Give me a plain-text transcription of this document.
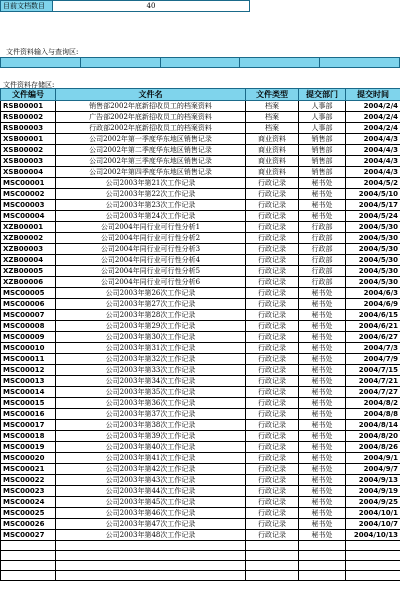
目前文档数目	40
文件资料输入与查询区:

文件资料存储区:
文件编号	文件名	文件类型	提交部门	提交时间
RSB00001	销售部2002年底新招收员工的档案资料	档案	人事部	2004/2/4
RSB00002	广告部2002年底新招收员工的档案资料	档案	人事部	2004/2/4
RSB00003	行政部2002年底新招收员工的档案资料	档案	人事部	2004/2/4
XSB00001	公司2002年第一季度华东地区销售记录	商业资料	销售部	2004/4/3
XSB00002	公司2002年第二季度华东地区销售记录	商业资料	销售部	2004/4/3
XSB00003	公司2002年第三季度华东地区销售记录	商业资料	销售部	2004/4/3
XSB00004	公司2002年第四季度华东地区销售记录	商业资料	销售部	2004/4/3
MSC00001	公司2003年第21次工作记录	行政记录	秘书处	2004/5/2
MSC00002	公司2003年第22次工作记录	行政记录	秘书处	2004/5/10
MSC00003	公司2003年第23次工作记录	行政记录	秘书处	2004/5/17
MSC00004	公司2003年第24次工作记录	行政记录	秘书处	2004/5/24
XZB00001	公司2004年同行业可行性分析1	行政记录	行政部	2004/5/30
XZB00002	公司2004年同行业可行性分析2	行政记录	行政部	2004/5/30
XZB00003	公司2004年同行业可行性分析3	行政记录	行政部	2004/5/30
XZB00004	公司2004年同行业可行性分析4	行政记录	行政部	2004/5/30
XZB00005	公司2004年同行业可行性分析5	行政记录	行政部	2004/5/30
XZB00006	公司2004年同行业可行性分析6	行政记录	行政部	2004/5/30
MSC00005	公司2003年第26次工作记录	行政记录	秘书处	2004/6/3
MSC00006	公司2003年第27次工作记录	行政记录	秘书处	2004/6/9
MSC00007	公司2003年第28次工作记录	行政记录	秘书处	2004/6/15
MSC00008	公司2003年第29次工作记录	行政记录	秘书处	2004/6/21
MSC00009	公司2003年第30次工作记录	行政记录	秘书处	2004/6/27
MSC00010	公司2003年第31次工作记录	行政记录	秘书处	2004/7/3
MSC00011	公司2003年第32次工作记录	行政记录	秘书处	2004/7/9
MSC00012	公司2003年第33次工作记录	行政记录	秘书处	2004/7/15
MSC00013	公司2003年第34次工作记录	行政记录	秘书处	2004/7/21
MSC00014	公司2003年第35次工作记录	行政记录	秘书处	2004/7/27
MSC00015	公司2003年第36次工作记录	行政记录	秘书处	2004/8/2
MSC00016	公司2003年第37次工作记录	行政记录	秘书处	2004/8/8
MSC00017	公司2003年第38次工作记录	行政记录	秘书处	2004/8/14
MSC00018	公司2003年第39次工作记录	行政记录	秘书处	2004/8/20
MSC00019	公司2003年第40次工作记录	行政记录	秘书处	2004/8/26
MSC00020	公司2003年第41次工作记录	行政记录	秘书处	2004/9/1
MSC00021	公司2003年第42次工作记录	行政记录	秘书处	2004/9/7
MSC00022	公司2003年第43次工作记录	行政记录	秘书处	2004/9/13
MSC00023	公司2003年第44次工作记录	行政记录	秘书处	2004/9/19
MSC00024	公司2003年第45次工作记录	行政记录	秘书处	2004/9/25
MSC00025	公司2003年第46次工作记录	行政记录	秘书处	2004/10/1
MSC00026	公司2003年第47次工作记录	行政记录	秘书处	2004/10/7
MSC00027	公司2003年第48次工作记录	行政记录	秘书处	2004/10/13
